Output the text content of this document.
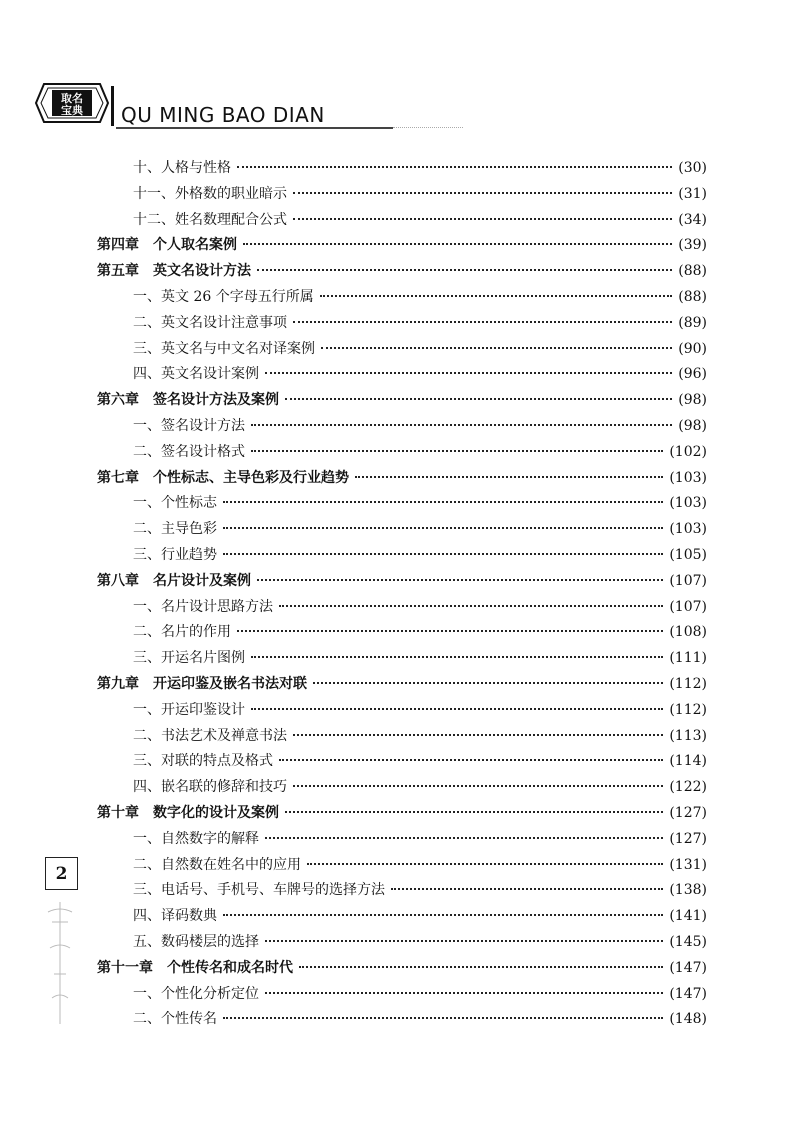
取名
宝典 QU MING BAO DIAN
十、人格与性格	(30)
十一、外格数的职业暗示	(31)
十二、姓名数理配合公式	(34)
第四章　个人取名案例	(39)
第五章　英文名设计方法	(88)
一、英文 26 个字母五行所属	(88)
二、英文名设计注意事项	(89)
三、英文名与中文名对译案例	(90)
四、英文名设计案例	(96)
第六章　签名设计方法及案例	(98)
一、签名设计方法	(98)
二、签名设计格式	(102)
第七章　个性标志、主导色彩及行业趋势	(103)
一、个性标志	(103)
二、主导色彩	(103)
三、行业趋势	(105)
第八章　名片设计及案例	(107)
一、名片设计思路方法	(107)
二、名片的作用	(108)
三、开运名片图例	(111)
第九章　开运印鉴及嵌名书法对联	(112)
一、开运印鉴设计	(112)
二、书法艺术及禅意书法	(113)
三、对联的特点及格式	(114)
四、嵌名联的修辞和技巧	(122)
第十章　数字化的设计及案例	(127)
一、自然数字的解释	(127)
二、自然数在姓名中的应用	(131)
三、电话号、手机号、车牌号的选择方法	(138)
四、译码数典	(141)
五、数码楼层的选择	(145)
第十一章　个性传名和成名时代	(147)
一、个性化分析定位	(147)
二、个性传名	(148)
2
